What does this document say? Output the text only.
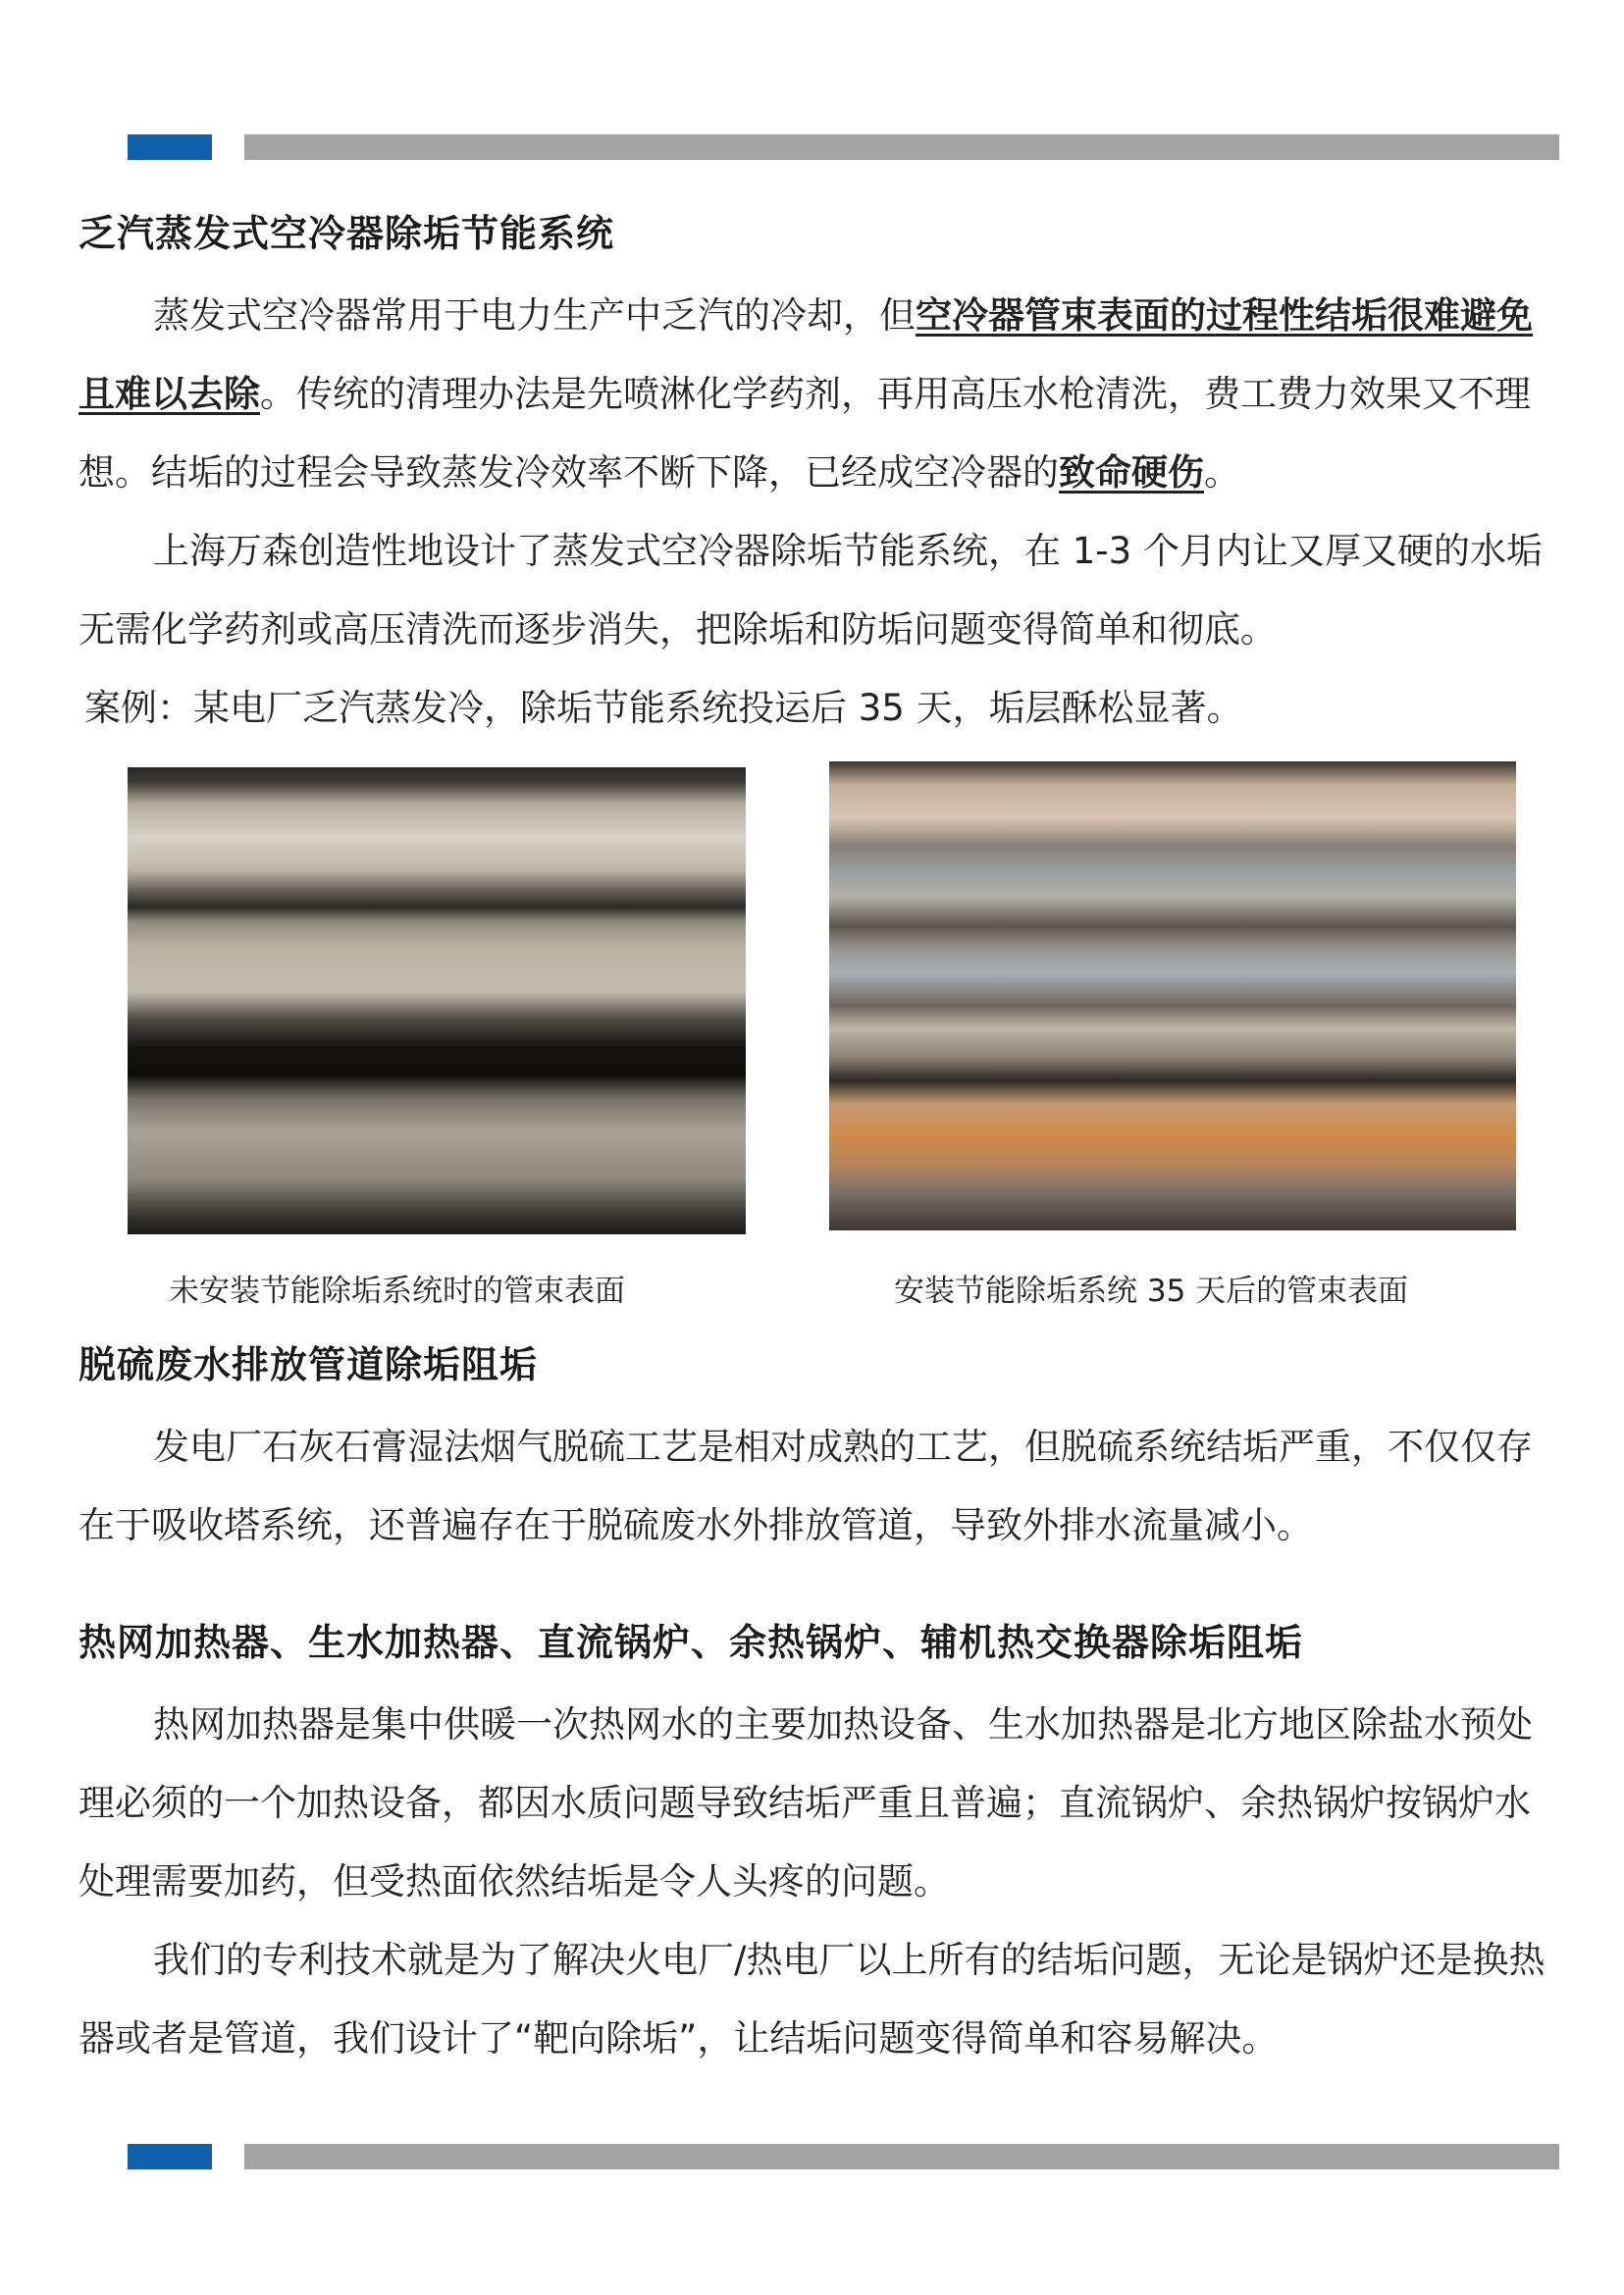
乏汽蒸发式空冷器除垢节能系统

蒸发式空冷器常用于电力生产中乏汽的冷却，但空冷器管束表面的过程性结垢很难避免且难以去除。传统的清理办法是先喷淋化学药剂，再用高压水枪清洗，费工费力效果又不理想。结垢的过程会导致蒸发冷效率不断下降，已经成空冷器的致命硬伤。

上海万森创造性地设计了蒸发式空冷器除垢节能系统，在 1-3 个月内让又厚又硬的水垢无需化学药剂或高压清洗而逐步消失，把除垢和防垢问题变得简单和彻底。

案例：某电厂乏汽蒸发冷，除垢节能系统投运后 35 天，垢层酥松显著。

未安装节能除垢系统时的管束表面	安装节能除垢系统 35 天后的管束表面
脱硫废水排放管道除垢阻垢

发电厂石灰石膏湿法烟气脱硫工艺是相对成熟的工艺，但脱硫系统结垢严重，不仅仅存在于吸收塔系统，还普遍存在于脱硫废水外排放管道，导致外排水流量减小。

热网加热器、生水加热器、直流锅炉、余热锅炉、辅机热交换器除垢阻垢

热网加热器是集中供暖一次热网水的主要加热设备、生水加热器是北方地区除盐水预处理必须的一个加热设备，都因水质问题导致结垢严重且普遍；直流锅炉、余热锅炉按锅炉水处理需要加药，但受热面依然结垢是令人头疼的问题。

我们的专利技术就是为了解决火电厂/热电厂以上所有的结垢问题，无论是锅炉还是换热器或者是管道，我们设计了“靶向除垢”，让结垢问题变得简单和容易解决。
